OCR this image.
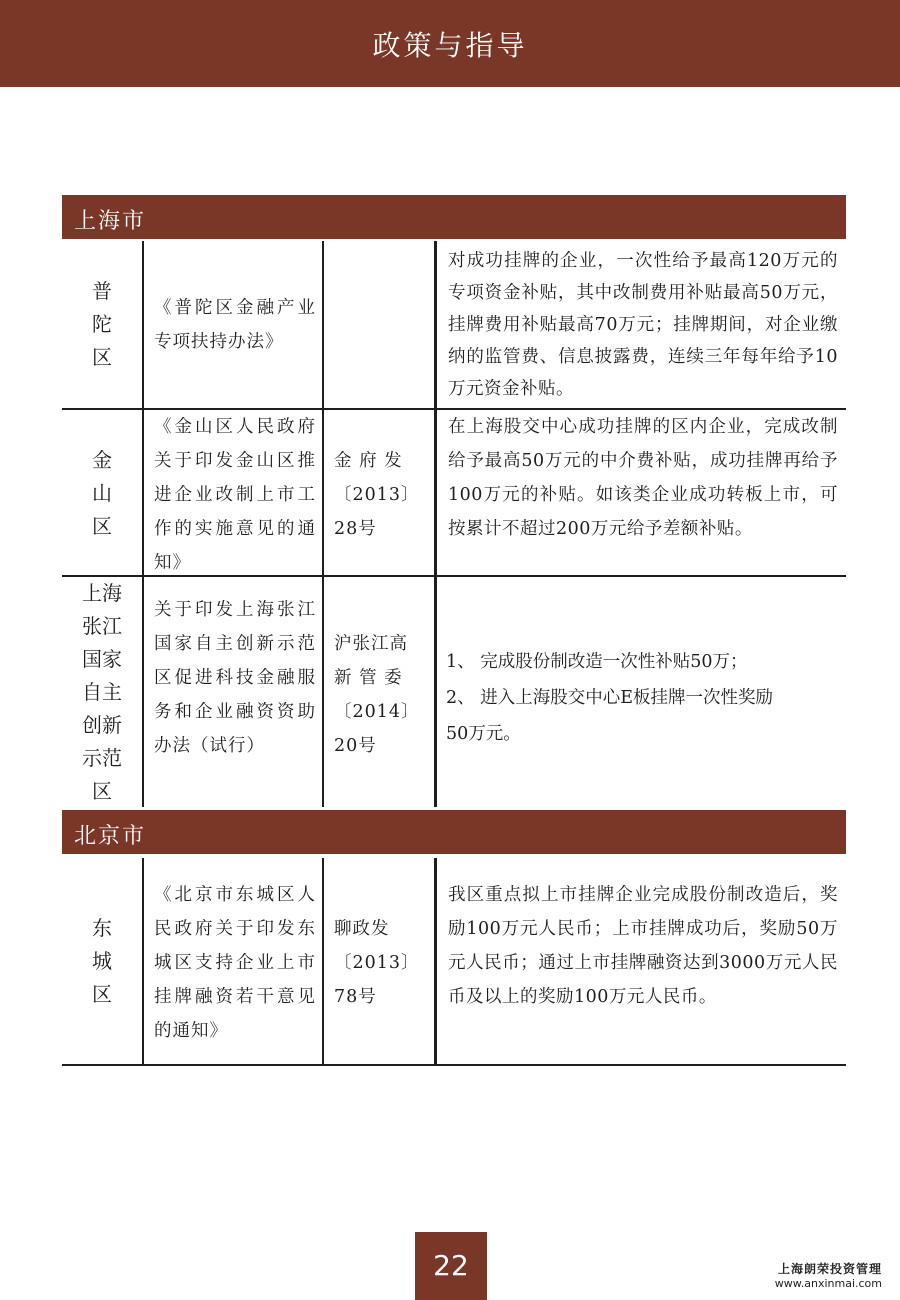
政策与指导
上海市
普
陀
区
《普陀区金融产业专项扶持办法》
对成功挂牌的企业，一次性给予最高120万元的专项资金补贴，其中改制费用补贴最高50万元，挂牌费用补贴最高70万元；挂牌期间，对企业缴纳的监管费、信息披露费，连续三年每年给予10万元资金补贴。
金
山
区
《金山区人民政府关于印发金山区推进企业改制上市工作的实施意见的通知》
金 府 发
〔2013〕
28号
在上海股交中心成功挂牌的区内企业，完成改制给予最高50万元的中介费补贴，成功挂牌再给予100万元的补贴。如该类企业成功转板上市，可按累计不超过200万元给予差额补贴。
上海
张江
国家
自主
创新
示范
区
关于印发上海张江国家自主创新示范区促进科技金融服务和企业融资资助办法（试行）
沪张江高
新 管 委
〔2014〕
20号
1、 完成股份制改造一次性补贴50万；
2、 进入上海股交中心E板挂牌一次性奖励
50万元。
北京市
东
城
区
《北京市东城区人民政府关于印发东城区支持企业上市挂牌融资若干意见的通知》
聊政发
〔2013〕
78号
我区重点拟上市挂牌企业完成股份制改造后，奖励100万元人民币；上市挂牌成功后，奖励50万元人民币；通过上市挂牌融资达到3000万元人民币及以上的奖励100万元人民币。
22	上海朗荣投资管理
www.anxinmai.com
